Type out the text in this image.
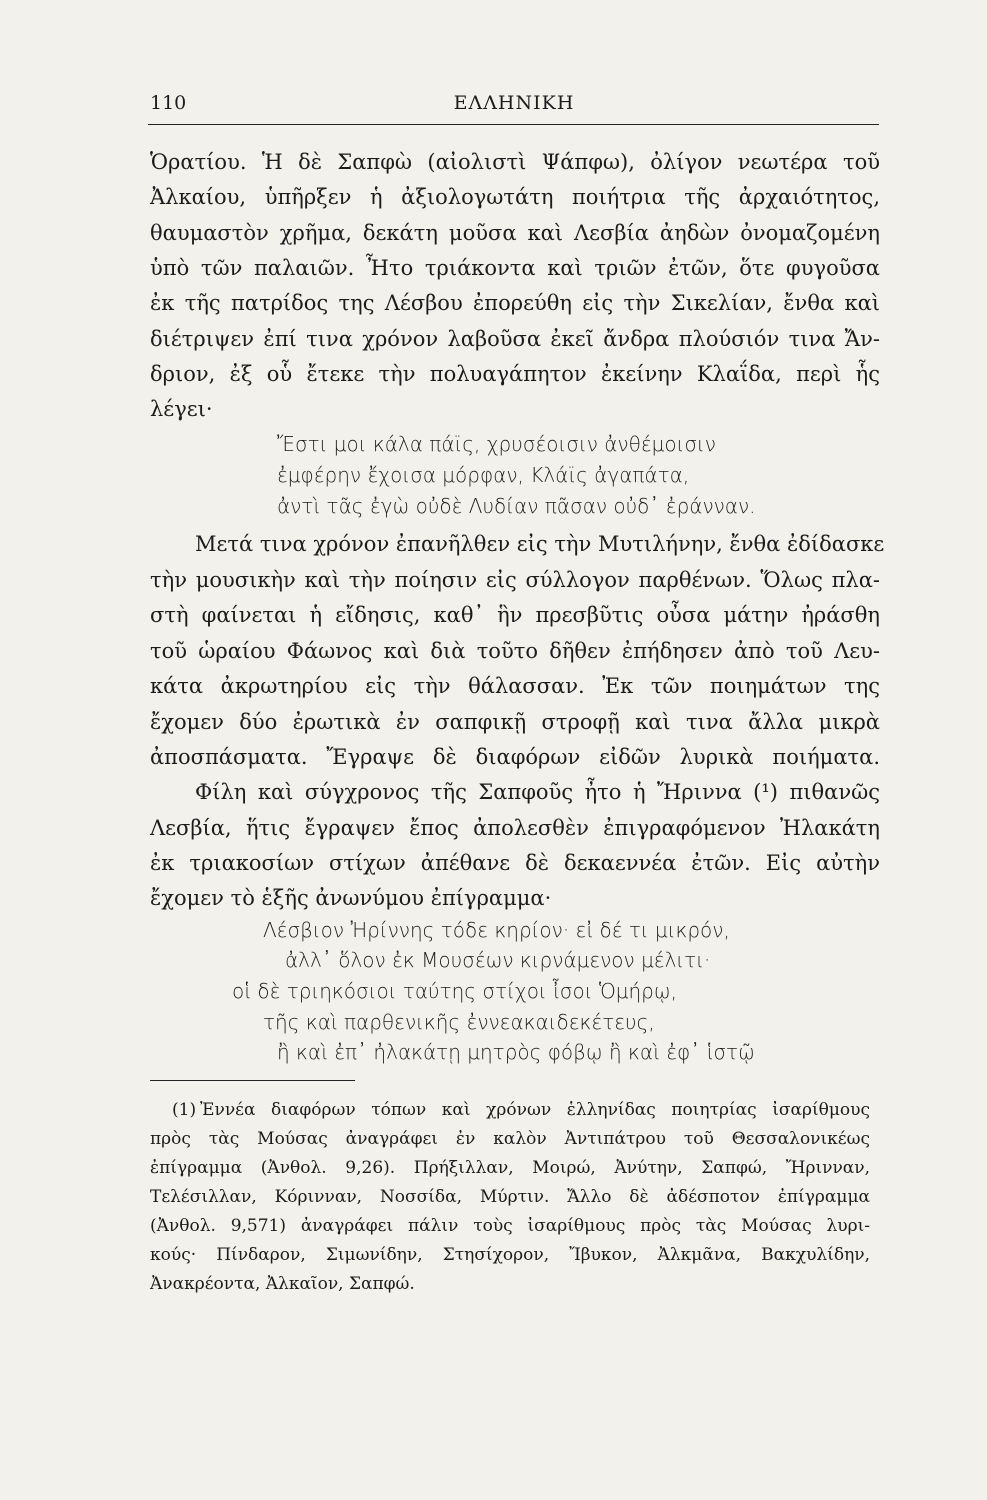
110	ΕΛΛΗΝΙΚΗ
Ὁρατίου. Ἡ δὲ Σαπφὼ (αἰολιστὶ Ψάπφω), ὀλίγον νεωτέρα τοῦ
Ἀλκαίου, ὑπῆρξεν ἡ ἀξιολογωτάτη ποιήτρια τῆς ἀρχαιότητος,
θαυμαστὸν χρῆμα, δεκάτη μοῦσα καὶ Λεσβία ἀηδὼν ὀνομαζομένη
ὑπὸ τῶν παλαιῶν. Ἦτο τριάκοντα καὶ τριῶν ἐτῶν, ὅτε φυγοῦσα
ἐκ τῆς πατρίδος της Λέσβου ἐπορεύθη εἰς τὴν Σικελίαν, ἔνθα καὶ
διέτριψεν ἐπί τινα χρόνον λαβοῦσα ἐκεῖ ἄνδρα πλούσιόν τινα Ἄν-
δριον, ἐξ οὗ ἔτεκε τὴν πολυαγάπητον ἐκείνην Κλαΐδα, περὶ ἧς
λέγει·
Ἔστι μοι κάλα πάϊς, χρυσέοισιν ἀνθέμοισιν
ἐμφέρην ἔχοισα μόρφαν, Κλάϊς ἀγαπάτα,
ἀντὶ τᾶς ἐγὼ οὐδὲ Λυδίαν πᾶσαν οὐδ᾽ ἐράνναν.
Μετά τινα χρόνον ἐπανῆλθεν εἰς τὴν Μυτιλήνην, ἔνθα ἐδίδασκε
τὴν μουσικὴν καὶ τὴν ποίησιν εἰς σύλλογον παρθένων. Ὅλως πλα-
στὴ φαίνεται ἡ εἴδησις, καθ᾽ ἣν πρεσβῦτις οὖσα μάτην ἠράσθη
τοῦ ὡραίου Φάωνος καὶ διὰ τοῦτο δῆθεν ἐπήδησεν ἀπὸ τοῦ Λευ-
κάτα ἀκρωτηρίου εἰς τὴν θάλασσαν. Ἐκ τῶν ποιημάτων της
ἔχομεν δύο ἐρωτικὰ ἐν σαπφικῇ στροφῇ καὶ τινα ἄλλα μικρὰ
ἀποσπάσματα. Ἔγραψε δὲ διαφόρων εἰδῶν λυρικὰ ποιήματα.
Φίλη καὶ σύγχρονος τῆς Σαπφοῦς ἦτο ἡ Ἤριννα (¹) πιθανῶς
Λεσβία, ἥτις ἔγραψεν ἔπος ἀπολεσθὲν ἐπιγραφόμενον Ἠλακάτη
ἐκ τριακοσίων στίχων ἀπέθανε δὲ δεκαεννέα ἐτῶν. Εἰς αὐτὴν
ἔχομεν τὸ ἑξῆς ἀνωνύμου ἐπίγραμμα·
Λέσβιον Ἠρίννης τόδε κηρίον· εἰ δέ τι μικρόν,
ἀλλ᾽ ὅλον ἐκ Μουσέων κιρνάμενον μέλιτι·
οἱ δὲ τριηκόσιοι ταύτης στίχοι ἶσοι Ὁμήρῳ,
τῆς καὶ παρθενικῆς ἐννεακαιδεκέτευς,
ἢ καὶ ἐπ᾽ ἠλακάτῃ μητρὸς φόβῳ ἢ καὶ ἐφ᾽ ἱστῷ
(1) Ἐννέα διαφόρων τόπων καὶ χρόνων ἑλληνίδας ποιητρίας ἰσαρίθμους
πρὸς τὰς Μούσας ἀναγράφει ἐν καλὸν Ἀντιπάτρου τοῦ Θεσσαλονικέως
ἐπίγραμμα (Ἀνθολ. 9,26). Πρήξιλλαν, Μοιρώ, Ἀνύτην, Σαπφώ, Ἤρινναν,
Τελέσιλλαν, Κόρινναν, Νοσσίδα, Μύρτιν. Ἄλλο δὲ ἀδέσποτον ἐπίγραμμα
(Ἀνθολ. 9,571) ἀναγράφει πάλιν τοὺς ἰσαρίθμους πρὸς τὰς Μούσας λυρι-
κούς· Πίνδαρον, Σιμωνίδην, Στησίχορον, Ἴβυκον, Ἀλκμᾶνα, Βακχυλίδην,
Ἀνακρέοντα, Ἀλκαῖον, Σαπφώ.
